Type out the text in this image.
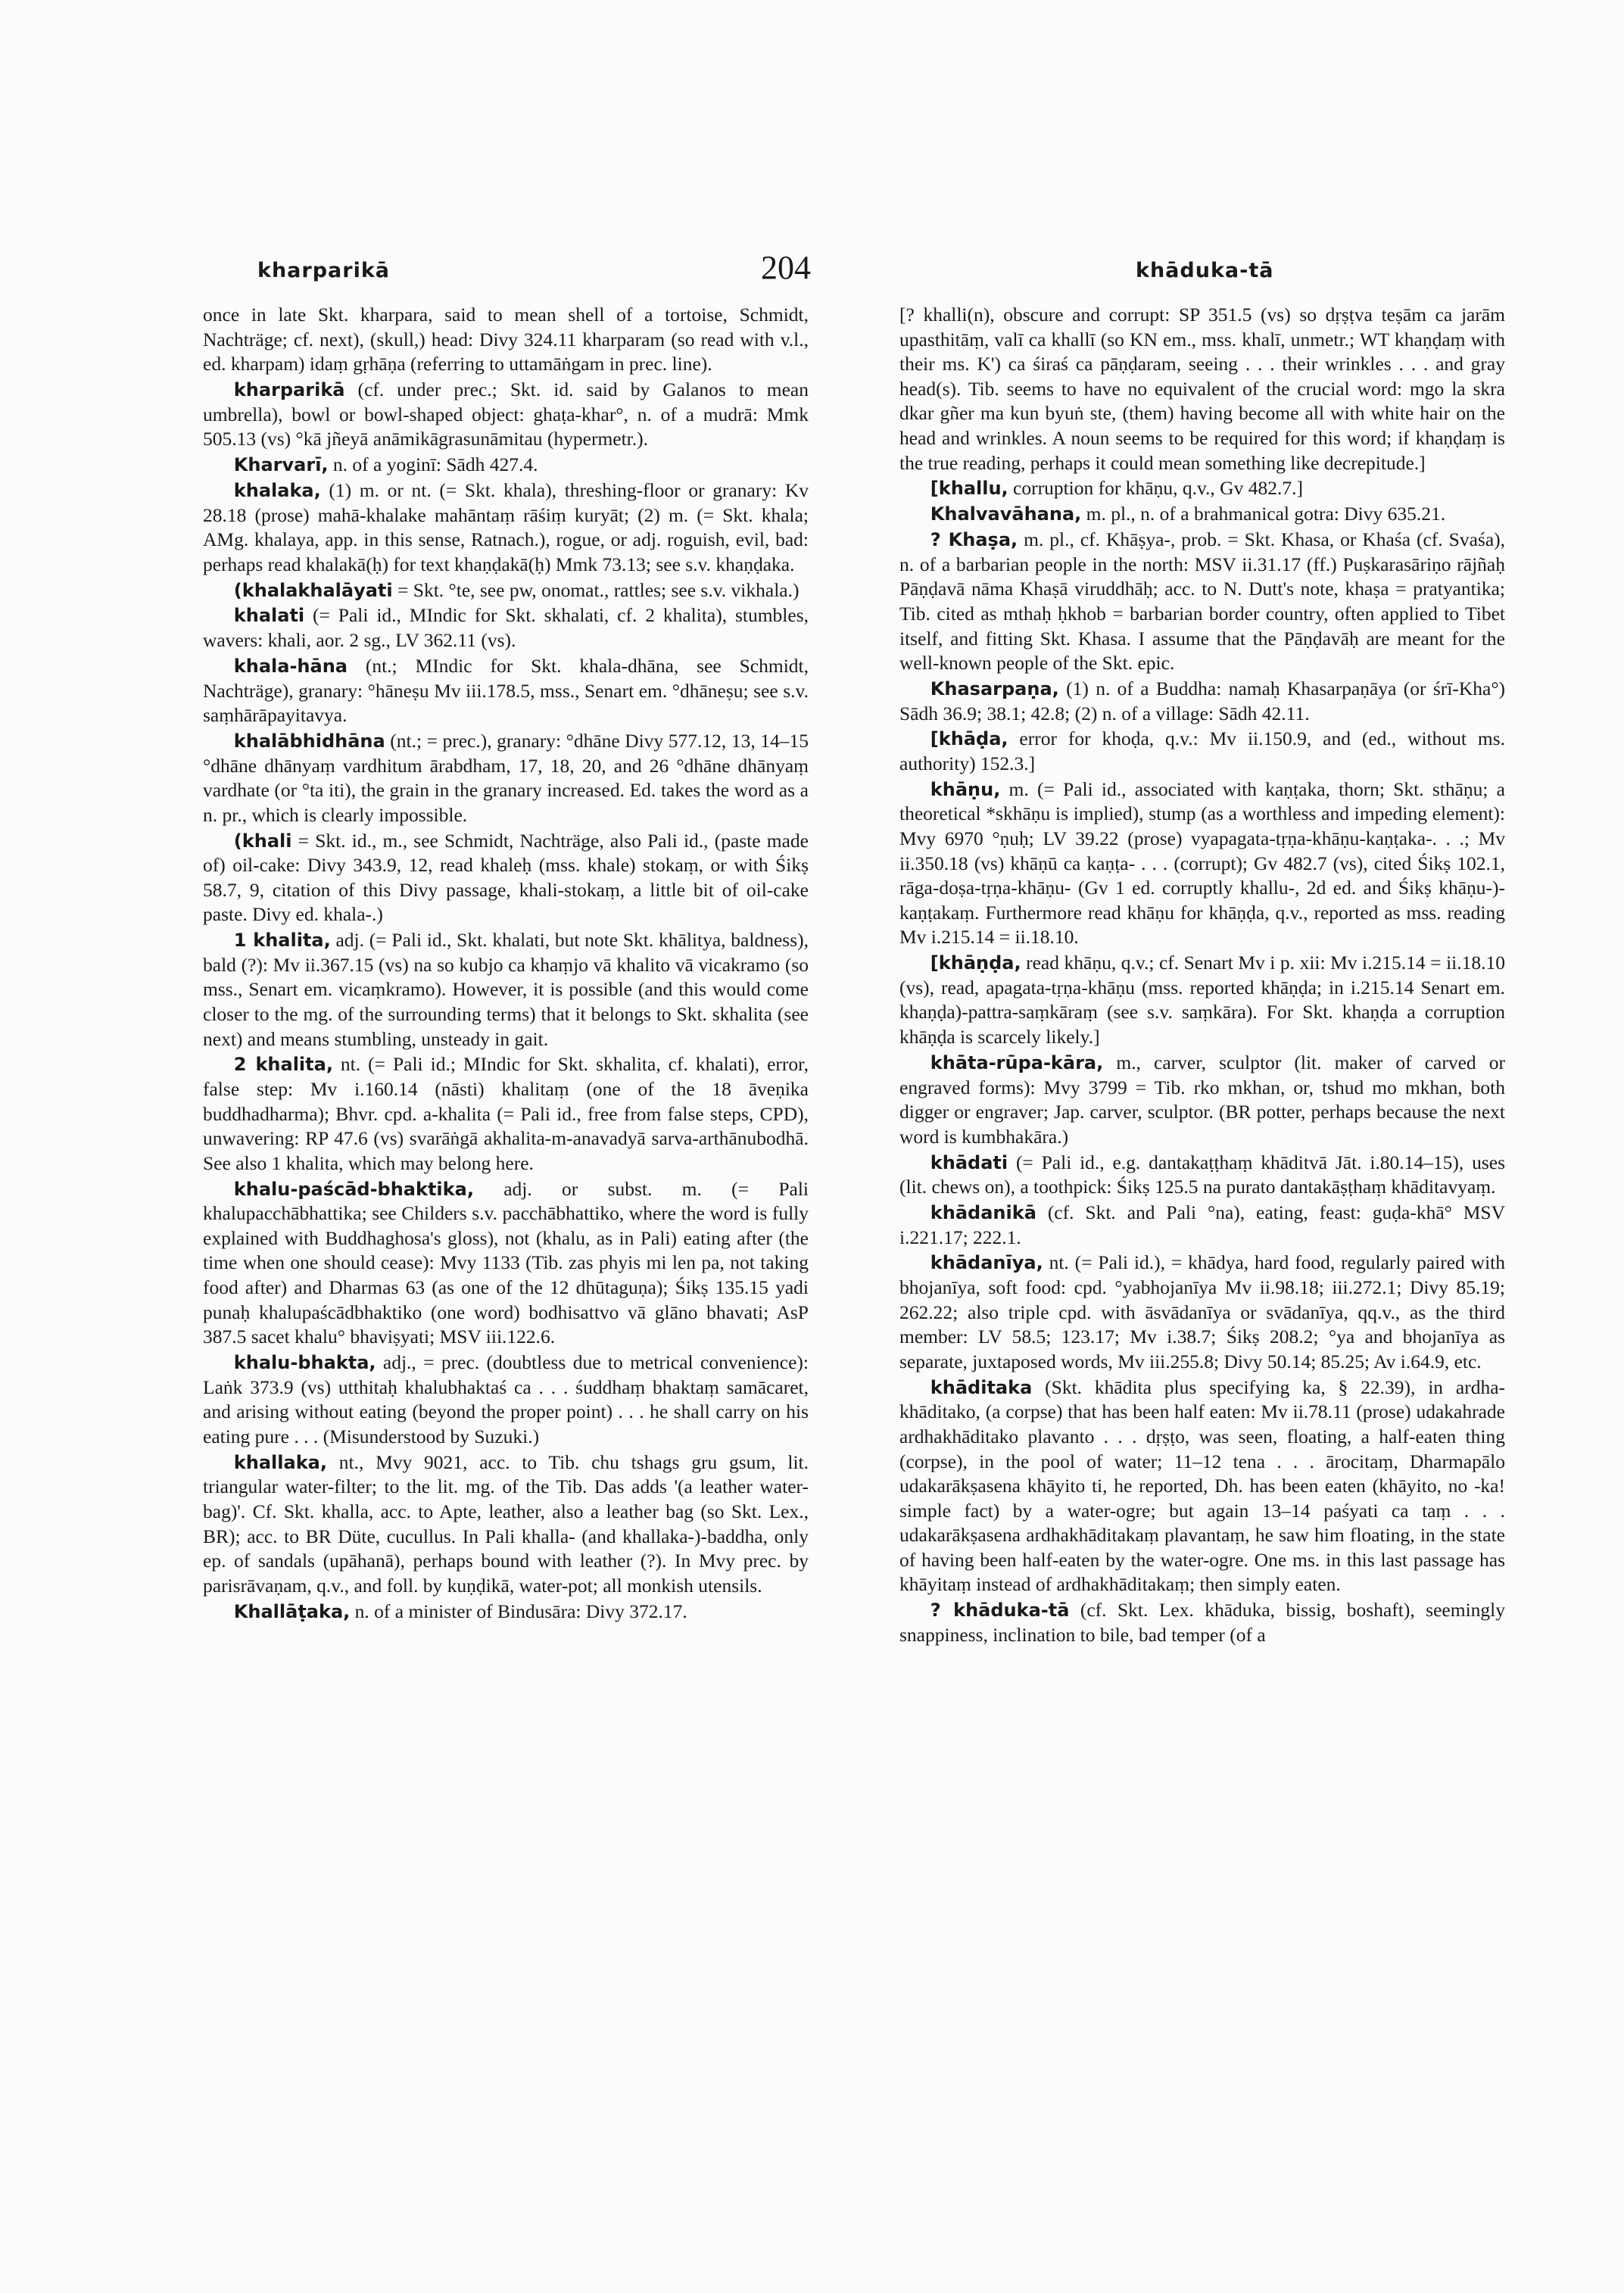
kharparikā	204	khāduka-tā

once in late Skt. kharpara, said to mean shell of a tortoise, Schmidt, Nachträge; cf. next), (skull,) head: Divy 324.11 kharparam (so read with v.l., ed. kharpam) idaṃ gṛhāṇa (referring to uttamāṅgam in prec. line).

kharparikā (cf. under prec.; Skt. id. said by Galanos to mean umbrella), bowl or bowl-shaped object: ghaṭa-khar°, n. of a mudrā: Mmk 505.13 (vs) °kā jñeyā anāmikāgrasunāmitau (hypermetr.).

Kharvarī, n. of a yoginī: Sādh 427.4.

khalaka, (1) m. or nt. (= Skt. khala), threshing-floor or granary: Kv 28.18 (prose) mahā-khalake mahāntaṃ rāśiṃ kuryāt; (2) m. (= Skt. khala; AMg. khalaya, app. in this sense, Ratnach.), rogue, or adj. roguish, evil, bad: perhaps read khalakā(ḥ) for text khaṇḍakā(ḥ) Mmk 73.13; see s.v. khaṇḍaka.

(khalakhalāyati = Skt. °te, see pw, onomat., rattles; see s.v. vikhala.)

khalati (= Pali id., MIndic for Skt. skhalati, cf. 2 khalita), stumbles, wavers: khali, aor. 2 sg., LV 362.11 (vs).

khala-hāna (nt.; MIndic for Skt. khala-dhāna, see Schmidt, Nachträge), granary: °hāneṣu Mv iii.178.5, mss., Senart em. °dhāneṣu; see s.v. saṃhārāpayitavya.

khalābhidhāna (nt.; = prec.), granary: °dhāne Divy 577.12, 13, 14–15 °dhāne dhānyaṃ vardhitum ārabdham, 17, 18, 20, and 26 °dhāne dhānyaṃ vardhate (or °ta iti), the grain in the granary increased. Ed. takes the word as a n. pr., which is clearly impossible.

(khali = Skt. id., m., see Schmidt, Nachträge, also Pali id., (paste made of) oil-cake: Divy 343.9, 12, read khaleḥ (mss. khale) stokaṃ, or with Śikṣ 58.7, 9, citation of this Divy passage, khali-stokaṃ, a little bit of oil-cake paste. Divy ed. khala-.)

1 khalita, adj. (= Pali id., Skt. khalati, but note Skt. khālitya, baldness), bald (?): Mv ii.367.15 (vs) na so kubjo ca khaṃjo vā khalito vā vicakramo (so mss., Senart em. vicaṃkramo). However, it is possible (and this would come closer to the mg. of the surrounding terms) that it belongs to Skt. skhalita (see next) and means stumbling, unsteady in gait.

2 khalita, nt. (= Pali id.; MIndic for Skt. skhalita, cf. khalati), error, false step: Mv i.160.14 (nāsti) khalitaṃ (one of the 18 āveṇika buddhadharma); Bhvr. cpd. a-khalita (= Pali id., free from false steps, CPD), unwavering: RP 47.6 (vs) svarāṅgā akhalita-m-anavadyā sarva-arthānubodhā. See also 1 khalita, which may belong here.

khalu-paścād-bhaktika, adj. or subst. m. (= Pali khalupacchābhattika; see Childers s.v. pacchābhattiko, where the word is fully explained with Buddhaghosa's gloss), not (khalu, as in Pali) eating after (the time when one should cease): Mvy 1133 (Tib. zas phyis mi len pa, not taking food after) and Dharmas 63 (as one of the 12 dhūtaguṇa); Śikṣ 135.15 yadi punaḥ khalupaścādbhaktiko (one word) bodhisattvo vā glāno bhavati; AsP 387.5 sacet khalu° bhaviṣyati; MSV iii.122.6.

khalu-bhakta, adj., = prec. (doubtless due to metrical convenience): Laṅk 373.9 (vs) utthitaḥ khalubhaktaś ca . . . śuddhaṃ bhaktaṃ samācaret, and arising without eating (beyond the proper point) . . . he shall carry on his eating pure . . . (Misunderstood by Suzuki.)

khallaka, nt., Mvy 9021, acc. to Tib. chu tshags gru gsum, lit. triangular water-filter; to the lit. mg. of the Tib. Das adds '(a leather water-bag)'. Cf. Skt. khalla, acc. to Apte, leather, also a leather bag (so Skt. Lex., BR); acc. to BR Düte, cucullus. In Pali khalla- (and khallaka-)-baddha, only ep. of sandals (upāhanā), perhaps bound with leather (?). In Mvy prec. by parisrāvaṇam, q.v., and foll. by kuṇḍikā, water-pot; all monkish utensils.

Khallāṭaka, n. of a minister of Bindusāra: Divy 372.17.

[? khalli(n), obscure and corrupt: SP 351.5 (vs) so dṛṣṭva teṣām ca jarām upasthitāṃ, valī ca khallī (so KN em., mss. khalī, unmetr.; WT khaṇḍaṃ with their ms. K') ca śiraś ca pāṇḍaram, seeing . . . their wrinkles . . . and gray head(s). Tib. seems to have no equivalent of the crucial word: mgo la skra dkar gñer ma kun byuṅ ste, (them) having become all with white hair on the head and wrinkles. A noun seems to be required for this word; if khaṇḍaṃ is the true reading, perhaps it could mean something like decrepitude.]

[khallu, corruption for khāṇu, q.v., Gv 482.7.]

Khalvavāhana, m. pl., n. of a brahmanical gotra: Divy 635.21.

? Khaṣa, m. pl., cf. Khāṣya-, prob. = Skt. Khasa, or Khaśa (cf. Svaśa), n. of a barbarian people in the north: MSV ii.31.17 (ff.) Puṣkarasāriṇo rājñaḥ Pāṇḍavā nāma Khaṣā viruddhāḥ; acc. to N. Dutt's note, khaṣa = pratyantika; Tib. cited as mthaḥ ḥkhob = barbarian border country, often applied to Tibet itself, and fitting Skt. Khasa. I assume that the Pāṇḍavāḥ are meant for the well-known people of the Skt. epic.

Khasarpaṇa, (1) n. of a Buddha: namaḥ Khasarpaṇāya (or śrī-Kha°) Sādh 36.9; 38.1; 42.8; (2) n. of a village: Sādh 42.11.

[khāḍa, error for khoḍa, q.v.: Mv ii.150.9, and (ed., without ms. authority) 152.3.]

khāṇu, m. (= Pali id., associated with kaṇṭaka, thorn; Skt. sthāṇu; a theoretical *skhāṇu is implied), stump (as a worthless and impeding element): Mvy 6970 °ṇuḥ; LV 39.22 (prose) vyapagata-tṛṇa-khāṇu-kaṇṭaka-. . .; Mv ii.350.18 (vs) khāṇū ca kaṇṭa- . . . (corrupt); Gv 482.7 (vs), cited Śikṣ 102.1, rāga-doṣa-tṛṇa-khāṇu- (Gv 1 ed. corruptly khallu-, 2d ed. and Śikṣ khāṇu-)-kaṇṭakaṃ. Furthermore read khāṇu for khāṇḍa, q.v., reported as mss. reading Mv i.215.14 = ii.18.10.

[khāṇḍa, read khāṇu, q.v.; cf. Senart Mv i p. xii: Mv i.215.14 = ii.18.10 (vs), read, apagata-tṛṇa-khāṇu (mss. reported khāṇḍa; in i.215.14 Senart em. khaṇḍa)-pattra-saṃkāraṃ (see s.v. saṃkāra). For Skt. khaṇḍa a corruption khāṇḍa is scarcely likely.]

khāta-rūpa-kāra, m., carver, sculptor (lit. maker of carved or engraved forms): Mvy 3799 = Tib. rko mkhan, or, tshud mo mkhan, both digger or engraver; Jap. carver, sculptor. (BR potter, perhaps because the next word is kumbhakāra.)

khādati (= Pali id., e.g. dantakaṭṭhaṃ khāditvā Jāt. i.80.14–15), uses (lit. chews on), a toothpick: Śikṣ 125.5 na puratо dantakāṣṭhaṃ khāditavyaṃ.

khādanikā (cf. Skt. and Pali °na), eating, feast: guḍa-khā° MSV i.221.17; 222.1.

khādanīya, nt. (= Pali id.), = khādya, hard food, regularly paired with bhojanīya, soft food: cpd. °yabhojanīya Mv ii.98.18; iii.272.1; Divy 85.19; 262.22; also triple cpd. with āsvādanīya or svādanīya, qq.v., as the third member: LV 58.5; 123.17; Mv i.38.7; Śikṣ 208.2; °ya and bhojanīya as separate, juxtaposed words, Mv iii.255.8; Divy 50.14; 85.25; Av i.64.9, etc.

khāditaka (Skt. khādita plus specifying ka, § 22.39), in ardha-khāditako, (a corpse) that has been half eaten: Mv ii.78.11 (prose) udakahrade ardhakhāditako plavanto . . . dṛṣṭo, was seen, floating, a half-eaten thing (corpse), in the pool of water; 11–12 tena . . . ārocitaṃ, Dharmapālo udakarākṣasena khāyito ti, he reported, Dh. has been eaten (khāyito, no -ka! simple fact) by a water-ogre; but again 13–14 paśyati ca taṃ . . . udakarākṣasena ardhakhāditakaṃ plavantaṃ, he saw him floating, in the state of having been half-eaten by the water-ogre. One ms. in this last passage has khāyitaṃ instead of ardhakhāditakaṃ; then simply eaten.

? khāduka-tā (cf. Skt. Lex. khāduka, bissig, boshaft), seemingly snappiness, inclination to bile, bad temper (of a
